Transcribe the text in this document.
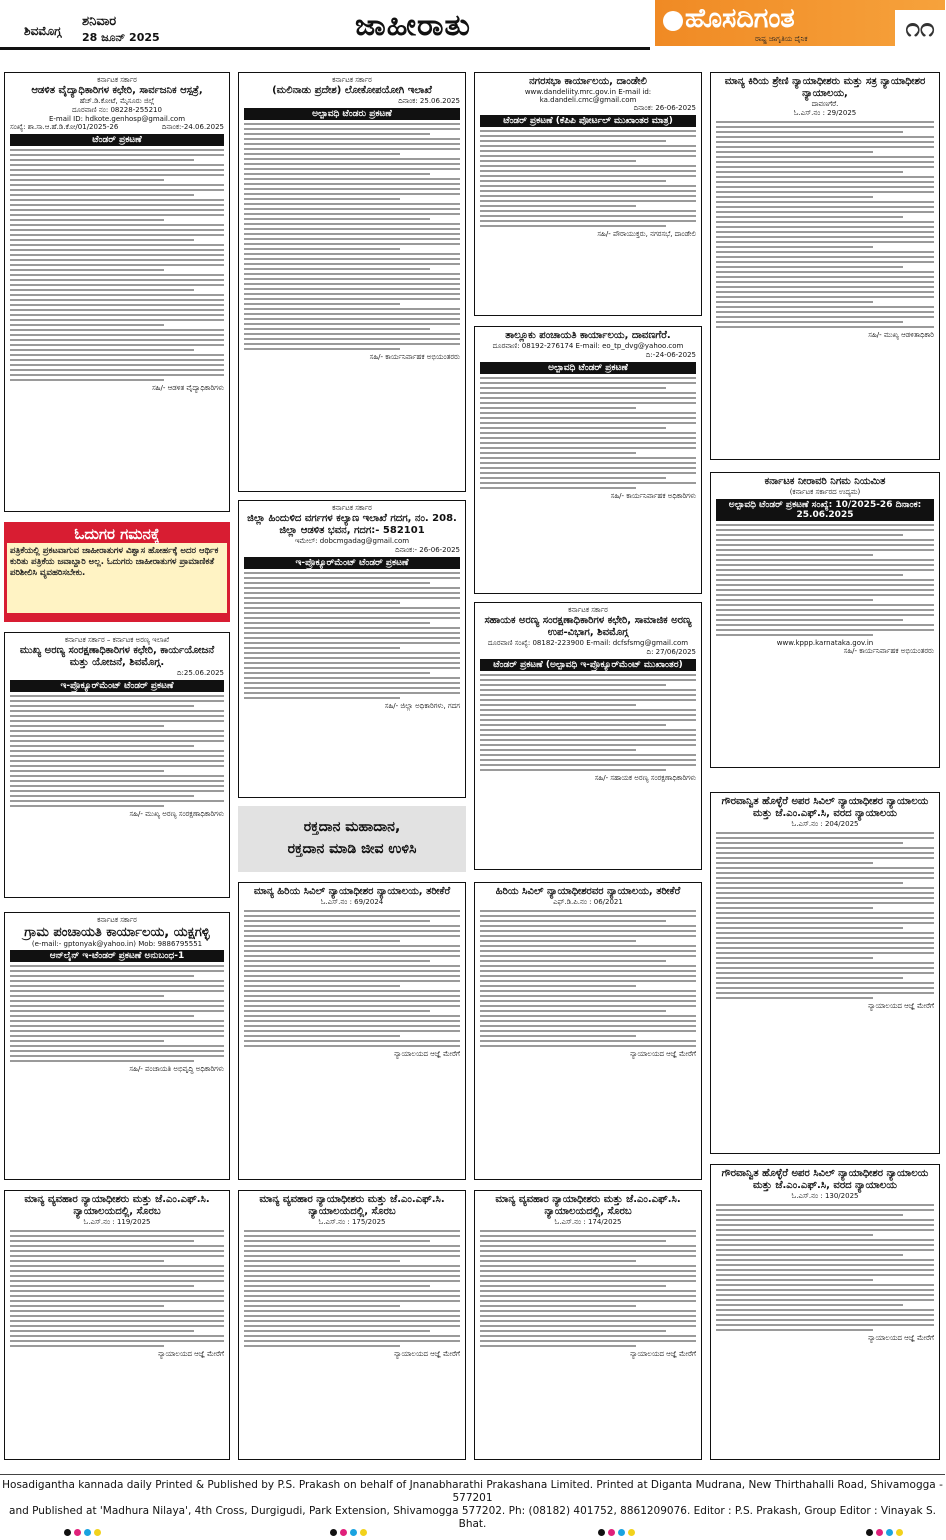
ಶಿವಮೊಗ್ಗ
ಶನಿವಾರ
28 ಜೂನ್ 2025	ಜಾಹೀರಾತು	ಹೊಸದಿಗಂತ
ರಾಷ್ಟ್ರ ಜಾಗೃತಿಯ ದೈನಿಕ	೧೧
ಕರ್ನಾಟಕ ಸರ್ಕಾರ
ಆಡಳಿತ ವೈದ್ಯಾಧಿಕಾರಿಗಳ ಕಛೇರಿ, ಸಾರ್ವಜನಿಕ ಆಸ್ಪತ್ರೆ,
ಹೆಚ್.ಡಿ.ಕೋಟೆ, ಮೈಸೂರು ಜಿಲ್ಲೆ
ದೂರವಾಣಿ ನಂ: 08228-255210
E-mail ID: hdkote.genhosp@gmail.com
ಸಂಖ್ಯೆ: ಶಾ.ಸಾ.ಆ.ಹೆ.ಡಿ.ಕೋ/01/2025-26	ದಿನಾಂಕ:-24.06.2025
ಟೆಂಡರ್ ಪ್ರಕಟಣೆ
ಸಹಿ/- ಆಡಳಿತ ವೈದ್ಯಾಧಿಕಾರಿಗಳು
ಓದುಗರ ಗಮನಕ್ಕೆ

ಪತ್ರಿಕೆಯಲ್ಲಿ ಪ್ರಕಟವಾಗುವ ಜಾಹೀರಾತುಗಳ ವಿಶ್ವಾಸ ಹೋರ್ಹಕ್ಕೆ ಅದರ ಆರ್ಥಿಕ ಕುರಿತು ಪತ್ರಿಕೆಯ ಜವಾಬ್ದಾರಿ ಅಲ್ಲ. ಓದುಗರು ಜಾಹೀರಾತುಗಳ ಪ್ರಾಮಾಣಿಕತೆ ಪರಿಶೀಲಿಸಿ ವ್ಯವಹರಿಸಬೇಕು.

ಕರ್ನಾಟಕ ಸರ್ಕಾರ – ಕರ್ನಾಟಕ ಅರಣ್ಯ ಇಲಾಖೆ
ಮುಖ್ಯ ಅರಣ್ಯ ಸಂರಕ್ಷಣಾಧಿಕಾರಿಗಳ ಕಛೇರಿ, ಕಾರ್ಯಯೋಜನೆ ಮತ್ತು ಯೋಜನೆ, ಶಿವಮೊಗ್ಗ.
ದಿ:25.06.2025
ಇ-ಪ್ರೊಕ್ಯೂರ್‌ಮೆಂಟ್ ಟೆಂಡರ್ ಪ್ರಕಟಣೆ
ಸಹಿ/- ಮುಖ್ಯ ಅರಣ್ಯ ಸಂರಕ್ಷಣಾಧಿಕಾರಿಗಳು
ಕರ್ನಾಟಕ ಸರ್ಕಾರ
ಗ್ರಾಮ ಪಂಚಾಯತಿ ಕಾರ್ಯಾಲಯ, ಯಕ್ಷಗಳ್ಳಿ
(e-mail:- gptonyak@yahoo.in) Mob: 9886795551
ಆನ್‌ಲೈನ್ ಇ-ಟೆಂಡರ್ ಪ್ರಕಟಣೆ ಅನುಬಂಧ-1
ಸಹಿ/- ಪಂಚಾಯತಿ ಅಭಿವೃದ್ಧಿ ಅಧಿಕಾರಿಗಳು
ಮಾನ್ಯ ವ್ಯವಹಾರ ನ್ಯಾಯಾಧೀಶರು ಮತ್ತು ಜೆ.ಎಂ.ಎಫ್.ಸಿ. ನ್ಯಾಯಾಲಯದಲ್ಲಿ, ಸೊರಬ
ಓ.ಎಸ್.ನಂ : 119/2025
ನ್ಯಾಯಾಲಯದ ಆಜ್ಞೆ ಮೇರೆಗೆ
ಕರ್ನಾಟಕ ಸರ್ಕಾರ
(ಮಲಿನಾಡು ಪ್ರದೇಶ) ಲೋಕೋಪಯೋಗಿ ಇಲಾಖೆ
ದಿನಾಂಕ: 25.06.2025
ಅಲ್ಪಾವಧಿ ಟೆಂಡರು ಪ್ರಕಟಣೆ
ಸಹಿ/- ಕಾರ್ಯನಿರ್ವಾಹಕ ಅಭಿಯಂತರರು
ಕರ್ನಾಟಕ ಸರ್ಕಾರ
ಜಿಲ್ಲಾ ಹಿಂದುಳಿದ ವರ್ಗಗಳ ಕಲ್ಯಾಣ ಇಲಾಖೆ ಗದಗ, ನಂ. 208. ಜಿಲ್ಲಾ ಆಡಳಿತ ಭವನ, ಗದಗ:- 582101
ಇಮೇಲ್: dobcmgadag@gmail.com
ದಿನಾಂಕ:- 26-06-2025
ಇ-ಪ್ರೊಕ್ಯೂರ್‌ಮೆಂಟ್ ಟೆಂಡರ್ ಪ್ರಕಟಣೆ
ಸಹಿ/- ಜಿಲ್ಲಾ ಅಧಿಕಾರಿಗಳು, ಗದಗ
ರಕ್ತದಾನ ಮಹಾದಾನ,
ರಕ್ತದಾನ ಮಾಡಿ ಜೀವ ಉಳಿಸಿ
ಮಾನ್ಯ ಹಿರಿಯ ಸಿವಿಲ್ ನ್ಯಾಯಾಧೀಶರ ನ್ಯಾಯಾಲಯ, ತರೀಕೆರೆ
ಓ.ಎಸ್.ನಂ : 69/2024
ನ್ಯಾಯಾಲಯದ ಆಜ್ಞೆ ಮೇರೆಗೆ
ಮಾನ್ಯ ವ್ಯವಹಾರ ನ್ಯಾಯಾಧೀಶರು ಮತ್ತು ಜೆ.ಎಂ.ಎಫ್.ಸಿ. ನ್ಯಾಯಾಲಯದಲ್ಲಿ, ಸೊರಬ
ಓ.ಎಸ್.ನಂ : 175/2025
ನ್ಯಾಯಾಲಯದ ಆಜ್ಞೆ ಮೇರೆಗೆ
ನಗರಸಭಾ ಕಾರ್ಯಾಲಯ, ದಾಂಡೇಲಿ
www.dandeliity.mrc.gov.in E-mail id: ka.dandeli.cmc@gmail.com
ದಿನಾಂಕ: 26-06-2025
ಟೆಂಡರ್ ಪ್ರಕಟಣೆ (ಕೆಪಿಪಿ ಪೋರ್ಟಲ್ ಮುಖಾಂತರ ಮಾತ್ರ)
ಸಹಿ/- ಪೌರಾಯುಕ್ತರು, ನಗರಸಭೆ, ದಾಂಡೇಲಿ
ತಾಲ್ಲೂಕು ಪಂಚಾಯತಿ ಕಾರ್ಯಾಲಯ, ದಾವಣಗೆರೆ.
ದೂರವಾಣಿ: 08192-276174 E-mail: eo_tp_dvg@yahoo.com
ದಿ:-24-06-2025
ಅಲ್ಪಾವಧಿ ಟೆಂಡರ್ ಪ್ರಕಟಣೆ
ಸಹಿ/- ಕಾರ್ಯನಿರ್ವಾಹಕ ಅಧಿಕಾರಿಗಳು
ಕರ್ನಾಟಕ ಸರ್ಕಾರ
ಸಹಾಯಕ ಅರಣ್ಯ ಸಂರಕ್ಷಣಾಧಿಕಾರಿಗಳ ಕಛೇರಿ, ಸಾಮಾಜಿಕ ಅರಣ್ಯ ಉಪ-ವಿಭಾಗ, ಶಿವಮೊಗ್ಗ
ದೂರವಾಣಿ ಸಂಖ್ಯೆ: 08182-223900 E-mail: dcfsfsmg@gmail.com
ದಿ: 27/06/2025
ಟೆಂಡರ್ ಪ್ರಕಟಣೆ (ಅಲ್ಪಾವಧಿ ಇ-ಪ್ರೊಕ್ಯೂರ್‌ಮೆಂಟ್ ಮುಖಾಂತರ)
ಸಹಿ/- ಸಹಾಯಕ ಅರಣ್ಯ ಸಂರಕ್ಷಣಾಧಿಕಾರಿಗಳು
ಹಿರಿಯ ಸಿವಿಲ್ ನ್ಯಾಯಾಧೀಶರವರ ನ್ಯಾಯಾಲಯ, ತರೀಕೆರೆ
ಎಫ್.ಡಿ.ಪಿ.ನಂ : 06/2021
ನ್ಯಾಯಾಲಯದ ಆಜ್ಞೆ ಮೇರೆಗೆ
ಮಾನ್ಯ ವ್ಯವಹಾರ ನ್ಯಾಯಾಧೀಶರು ಮತ್ತು ಜೆ.ಎಂ.ಎಫ್.ಸಿ. ನ್ಯಾಯಾಲಯದಲ್ಲಿ, ಸೊರಬ
ಓ.ಎಸ್.ನಂ : 174/2025
ನ್ಯಾಯಾಲಯದ ಆಜ್ಞೆ ಮೇರೆಗೆ
ಮಾನ್ಯ ಕಿರಿಯ ಶ್ರೇಣಿ ನ್ಯಾಯಾಧೀಶರು ಮತ್ತು ಸತ್ರ ನ್ಯಾಯಾಧೀಶರ ನ್ಯಾಯಾಲಯ,
ದಾವಣಗೆರೆ.
ಓ.ಎಸ್.ನಂ : 29/2025
ಸಹಿ/- ಮುಖ್ಯ ಆಡಳಿತಾಧಿಕಾರಿ
ಕರ್ನಾಟಕ ನೀರಾವರಿ ನಿಗಮ ನಿಯಮಿತ
(ಕರ್ನಾಟಕ ಸರ್ಕಾರದ ಉದ್ಯಮ)
ಅಲ್ಪಾವಧಿ ಟೆಂಡರ್ ಪ್ರಕಟಣೆ ಸಂಖ್ಯೆ: 10/2025-26 ದಿನಾಂಕ: 25.06.2025
www.kppp.karnataka.gov.in
ಸಹಿ/- ಕಾರ್ಯನಿರ್ವಾಹಕ ಅಭಿಯಂತರರು
ಗೌರವಾನ್ವಿತ ಹೊಳ್ಳೆರೆ ಅಪರ ಸಿವಿಲ್ ನ್ಯಾಯಾಧೀಶರ ನ್ಯಾಯಾಲಯ ಮತ್ತು ಜೆ.ಎಂ.ಎಫ್.ಸಿ, ವರದ ನ್ಯಾಯಾಲಯ
ಓ.ಎಸ್.ನಂ : 204/2025
ನ್ಯಾಯಾಲಯದ ಆಜ್ಞೆ ಮೇರೆಗೆ
ಗೌರವಾನ್ವಿತ ಹೊಳ್ಳೆರೆ ಅಪರ ಸಿವಿಲ್ ನ್ಯಾಯಾಧೀಶರ ನ್ಯಾಯಾಲಯ ಮತ್ತು ಜೆ.ಎಂ.ಎಫ್.ಸಿ, ವರದ ನ್ಯಾಯಾಲಯ
ಓ.ಎಸ್.ನಂ : 130/2025
ನ್ಯಾಯಾಲಯದ ಆಜ್ಞೆ ಮೇರೆಗೆ
Hosadigantha kannada daily Printed & Published by P.S. Prakash on behalf of Jnanabharathi Prakashana Limited. Printed at Diganta Mudrana, New Thirthahalli Road, Shivamogga - 577201
and Published at 'Madhura Nilaya', 4th Cross, Durgigudi, Park Extension, Shivamogga 577202. Ph: (08182) 401752, 8861209076. Editor : P.S. Prakash, Group Editor : Vinayak S. Bhat.
